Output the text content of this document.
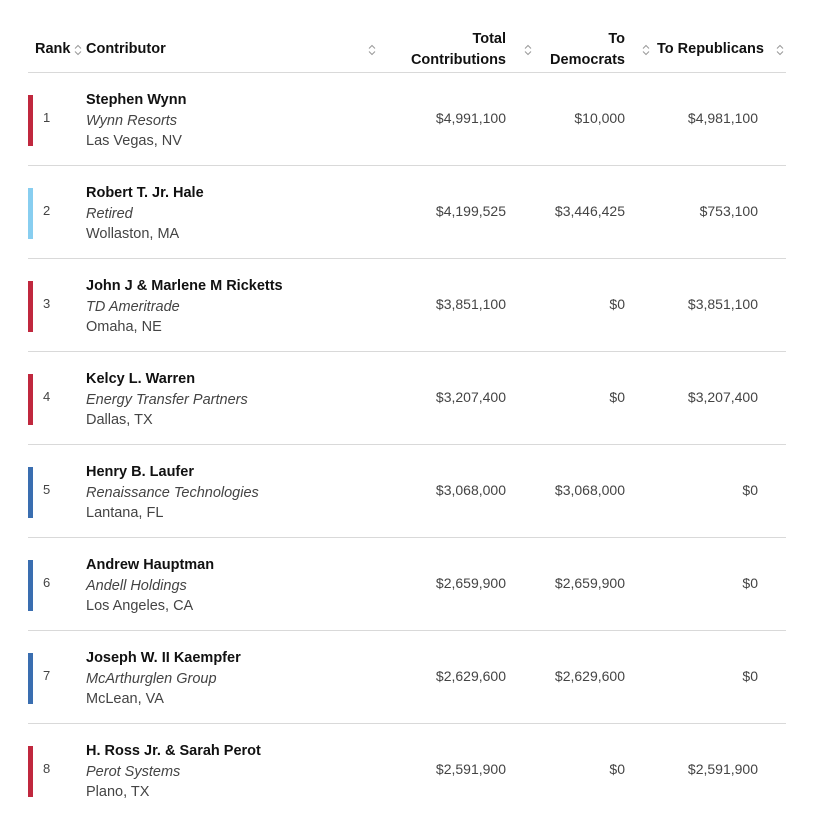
Rank Contributor
Total
Contributions
To
Democrats
To Republicans
1
Stephen Wynn
Wynn Resorts
Las Vegas, NV
$4,991,100	$10,000	$4,981,100
2
Robert T. Jr. Hale
Retired
Wollaston, MA
$4,199,525	$3,446,425	$753,100
3
John J & Marlene M Ricketts
TD Ameritrade
Omaha, NE
$3,851,100	$0	$3,851,100
4
Kelcy L. Warren
Energy Transfer Partners
Dallas, TX
$3,207,400	$0	$3,207,400
5
Henry B. Laufer
Renaissance Technologies
Lantana, FL
$3,068,000	$3,068,000	$0
6
Andrew Hauptman
Andell Holdings
Los Angeles, CA
$2,659,900	$2,659,900	$0
7
Joseph W. II Kaempfer
McArthurglen Group
McLean, VA
$2,629,600	$2,629,600	$0
8
H. Ross Jr. & Sarah Perot
Perot Systems
Plano, TX
$2,591,900	$0	$2,591,900
